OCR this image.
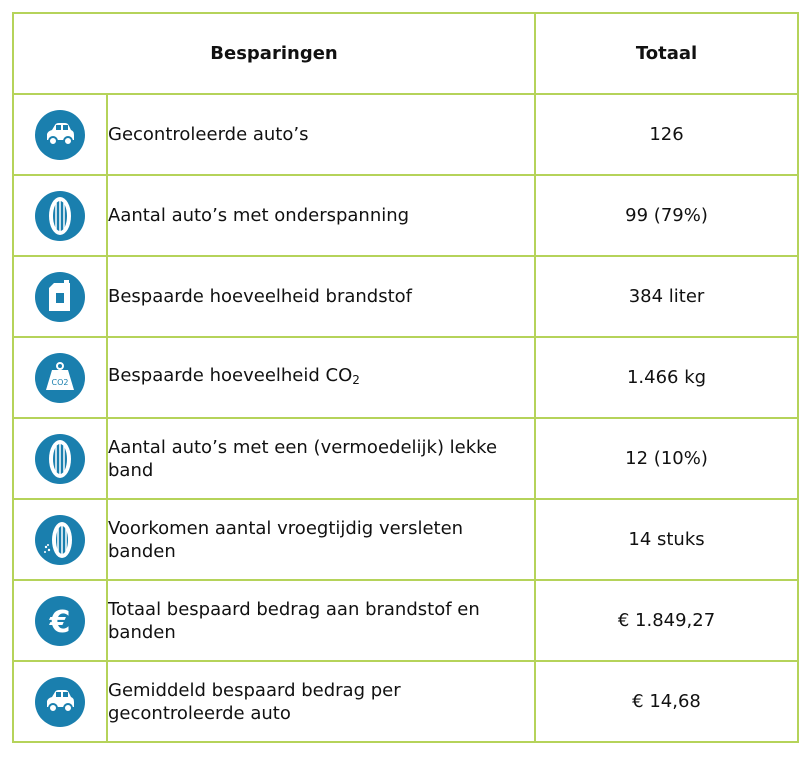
Besparingen		Totaal

	Gecontroleerde auto’s	126

	Aantal auto’s met onderspanning	99 (79%)

	Bespaarde hoeveelheid brandstof	384 liter

CO2	Bespaarde hoeveelheid $CO_2$	1.466 kg

	Aantal auto’s met een (vermoedelijk) lekke band	12 (10%)

	Voorkomen aantal vroegtijdig versleten banden	14 stuks

€	Totaal bespaard bedrag aan brandstof en banden	€ 1.849,27

	Gemiddeld bespaard bedrag per gecontroleerde auto	€ 14,68
